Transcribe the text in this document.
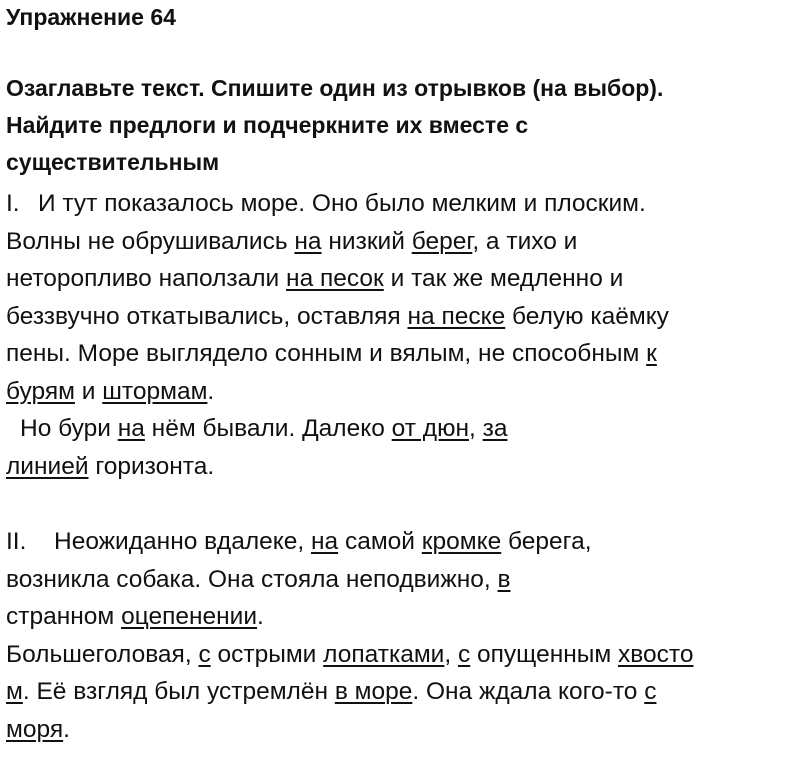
Упражнение 64
Озаглавьте текст. Спишите один из отрывков (на выбор).
Найдите предлоги и подчеркните их вместе с
существительным

I. И тут показалось море. Оно было мелким и плоским.

Волны не обрушивались на низкий берег, а тихо и

неторопливо наползали на песок и так же медленно и

беззвучно откатывались, оставляя на песке белую каёмку

пены. Море выглядело сонным и вялым, не способным к

бурям и штормам.

Но бури на нём бывали. Далеко от дюн, за

линией горизонта.

II. Неожиданно вдалеке, на самой кромке берега,

возникла собака. Она стояла неподвижно, в

странном оцепенении.

Большеголовая, с острыми лопатками, с опущенным хвосто

м. Её взгляд был устремлён в море. Она ждала кого-то с

моря.
